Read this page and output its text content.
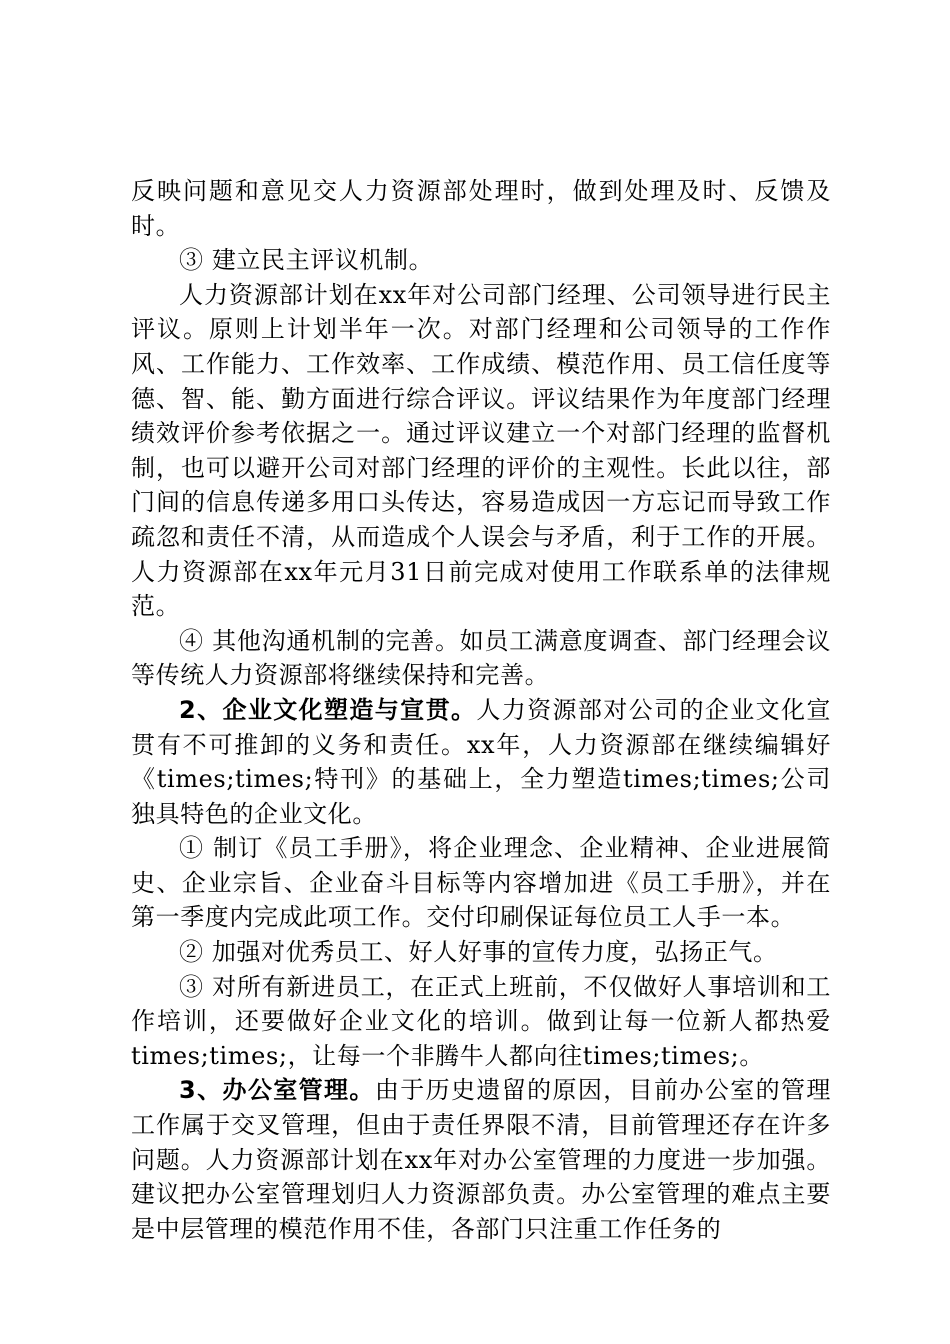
反映问题和意见交人力资源部处理时，做到处理及时、反馈及时。

③ 建立民主评议机制。

人力资源部计划在xx年对公司部门经理、公司领导进行民主评议。原则上计划半年一次。对部门经理和公司领导的工作作风、工作能力、工作效率、工作成绩、模范作用、员工信任度等德、智、能、勤方面进行综合评议。评议结果作为年度部门经理绩效评价参考依据之一。通过评议建立一个对部门经理的监督机制，也可以避开公司对部门经理的评价的主观性。长此以往，部门间的信息传递多用口头传达，容易造成因一方忘记而导致工作疏忽和责任不清，从而造成个人误会与矛盾，利于工作的开展。人力资源部在xx年元月31日前完成对使用工作联系单的法律规范。

④ 其他沟通机制的完善。如员工满意度调查、部门经理会议等传统人力资源部将继续保持和完善。

2、企业文化塑造与宣贯。人力资源部对公司的企业文化宣贯有不可推卸的义务和责任。xx年，人力资源部在继续编辑好《times;times;特刊》的基础上，全力塑造times;times;公司独具特色的企业文化。

① 制订《员工手册》，将企业理念、企业精神、企业进展简史、企业宗旨、企业奋斗目标等内容增加进《员工手册》，并在第一季度内完成此项工作。交付印刷保证每位员工人手一本。

② 加强对优秀员工、好人好事的宣传力度，弘扬正气。

③ 对所有新进员工，在正式上班前，不仅做好人事培训和工作培训，还要做好企业文化的培训。做到让每一位新人都热爱times;times;，让每一个非腾牛人都向往times;times;。

3、办公室管理。由于历史遗留的原因，目前办公室的管理工作属于交叉管理，但由于责任界限不清，目前管理还存在许多问题。人力资源部计划在xx年对办公室管理的力度进一步加强。建议把办公室管理划归人力资源部负责。办公室管理的难点主要是中层管理的模范作用不佳，各部门只注重工作任务的
